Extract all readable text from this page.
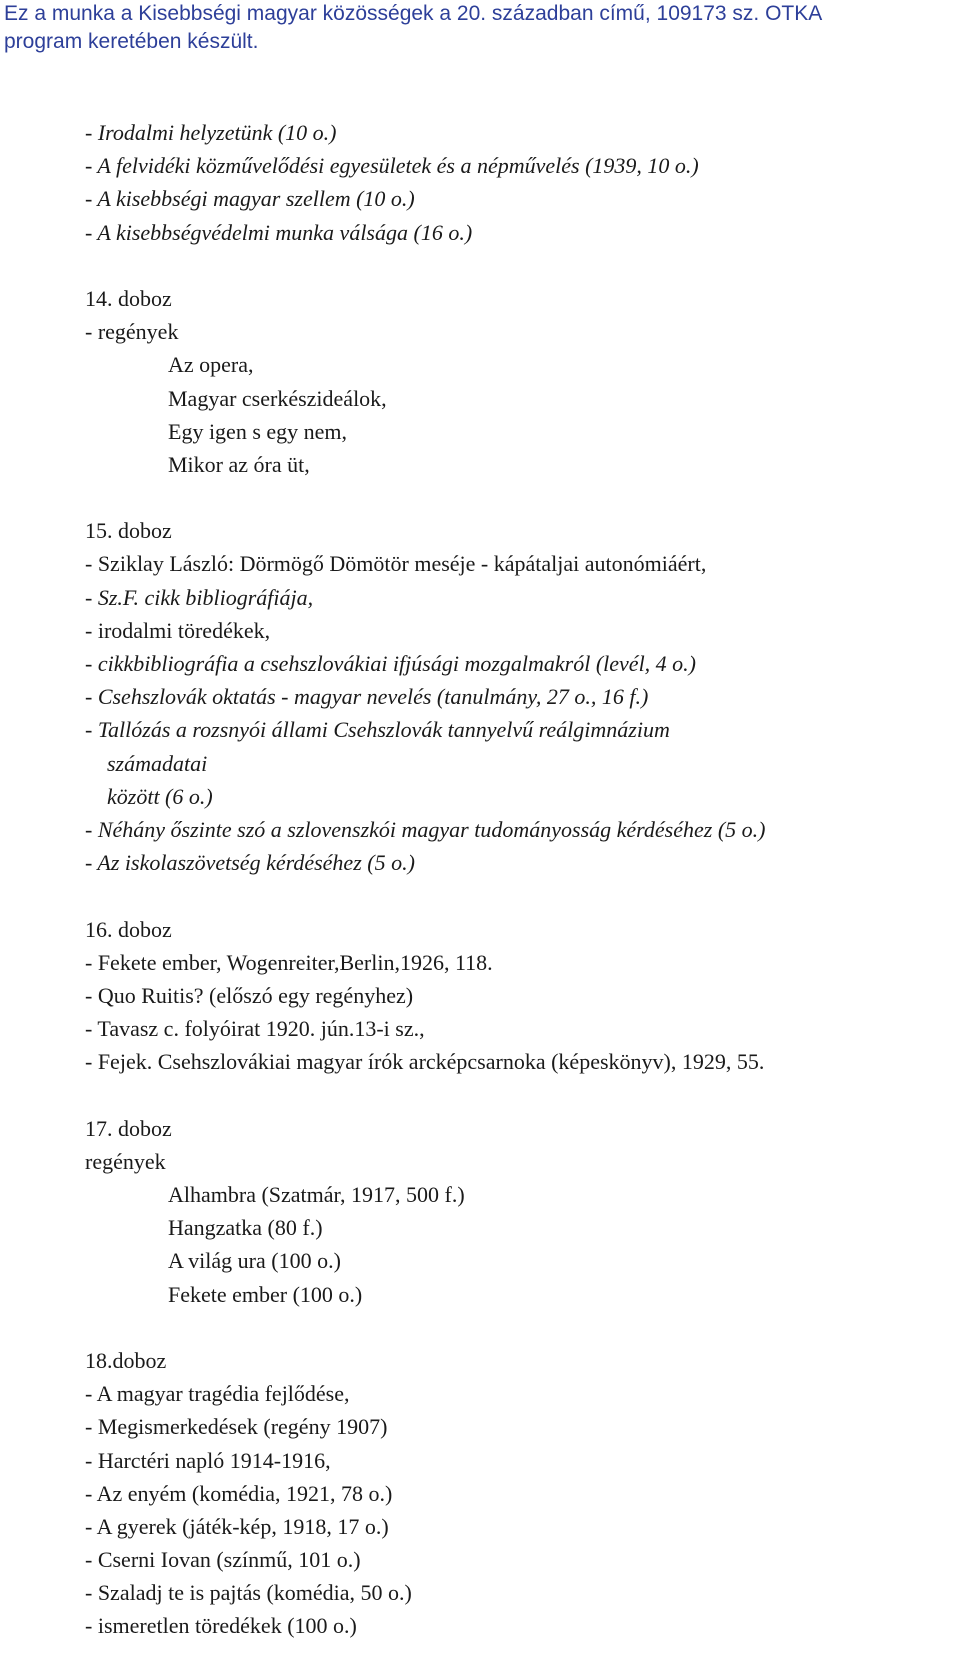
Ez a munka a Kisebbségi magyar közösségek a 20. században című, 109173 sz. OTKA
program keretében készült.
- Irodalmi helyzetünk (10 o.)
- A felvidéki közművelődési egyesületek és a népművelés (1939, 10 o.)
- A kisebbségi magyar szellem (10 o.)
- A kisebbségvédelmi munka válsága (16 o.)
14. doboz
- regények
Az opera,
Magyar cserkészideálok,
Egy igen s egy nem,
Mikor az óra üt,
15. doboz
- Sziklay László: Dörmögő Dömötör meséje - kápátaljai autonómiáért,
- Sz.F. cikk bibliográfiája,
- irodalmi töredékek,
- cikkbibliográfia a csehszlovákiai ifjúsági mozgalmakról (levél, 4 o.)
- Csehszlovák oktatás - magyar nevelés (tanulmány, 27 o., 16 f.)
- Tallózás a rozsnyói állami Csehszlovák tannyelvű reálgimnázium
számadatai
között (6 o.)
- Néhány őszinte szó a szlovenszkói magyar tudományosság kérdéséhez (5 o.)
- Az iskolaszövetség kérdéséhez (5 o.)
16. doboz
- Fekete ember, Wogenreiter,Berlin,1926, 118.
- Quo Ruitis? (előszó egy regényhez)
- Tavasz c. folyóirat 1920. jún.13-i sz.,
- Fejek. Csehszlovákiai magyar írók arcképcsarnoka (képeskönyv), 1929, 55.
17. doboz
regények
Alhambra (Szatmár, 1917, 500 f.)
Hangzatka (80 f.)
A világ ura (100 o.)
Fekete ember (100 o.)
18.doboz
- A magyar tragédia fejlődése,
- Megismerkedések (regény 1907)
- Harctéri napló 1914-1916,
- Az enyém (komédia, 1921, 78 o.)
- A gyerek (játék-kép, 1918, 17 o.)
- Cserni Iovan (színmű, 101 o.)
- Szaladj te is pajtás (komédia, 50 o.)
- ismeretlen töredékek (100 o.)
